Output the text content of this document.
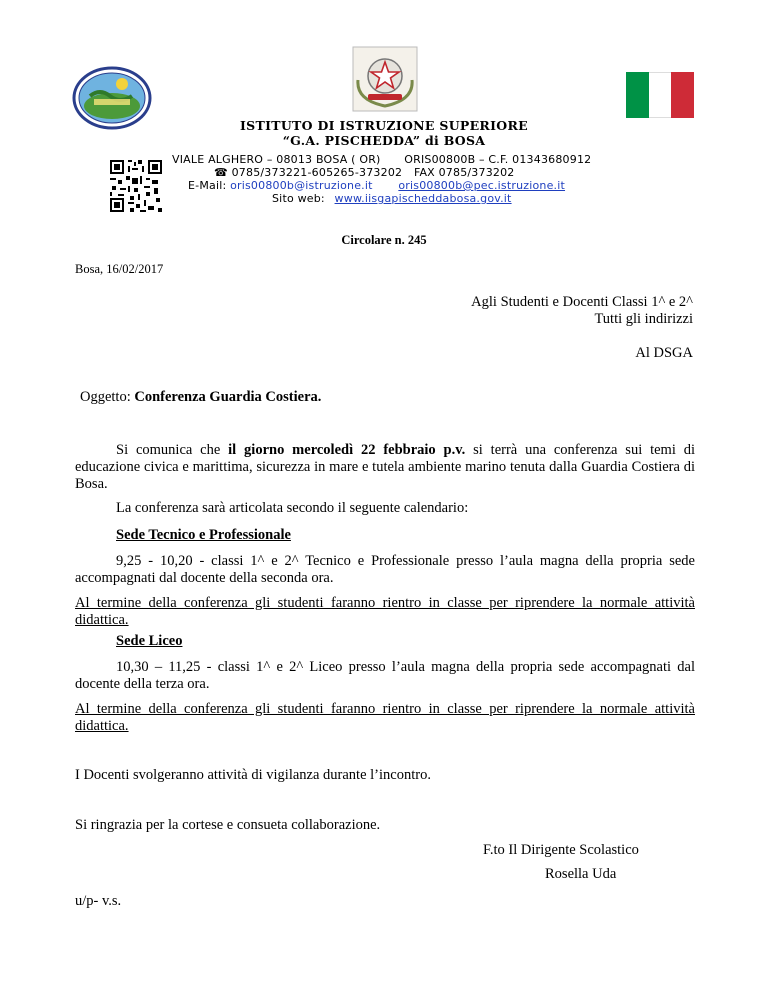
ISTITUTO DI ISTRUZIONE SUPERIORE
“G.A. PISCHEDDA” di BOSA
VIALE ALGHERO – 08013 BOSA ( OR) ORIS00800B – C.F. 01343680912
☎ 0785/373221-605265-373202 FAX 0785/373202
E-Mail: oris00800b@istruzione.it oris00800b@pec.istruzione.it
Sito web: www.iisgapischeddabosa.gov.it
Circolare n. 245
Bosa, 16/02/2017
Agli Studenti e Docenti Classi 1^ e 2^
Tutti gli indirizzi
Al DSGA
Oggetto: Conferenza Guardia Costiera.
Si comunica che il giorno mercoledì 22 febbraio p.v. si terrà una conferenza sui temi di educazione civica e marittima, sicurezza in mare e tutela ambiente marino tenuta dalla Guardia Costiera di Bosa.
La conferenza sarà articolata secondo il seguente calendario:
Sede Tecnico e Professionale
9,25 - 10,20 - classi 1^ e 2^ Tecnico e Professionale presso l’aula magna della propria sede accompagnati dal docente della seconda ora.
Al termine della conferenza gli studenti faranno rientro in classe per riprendere la normale attività didattica.
Sede Liceo
10,30 – 11,25 - classi 1^ e 2^ Liceo presso l’aula magna della propria sede accompagnati dal docente della terza ora.
Al termine della conferenza gli studenti faranno rientro in classe per riprendere la normale attività didattica.
I Docenti svolgeranno attività di vigilanza durante l’incontro.
Si ringrazia per la cortese e consueta collaborazione.
F.to Il Dirigente Scolastico
Rosella Uda
u/p- v.s.
